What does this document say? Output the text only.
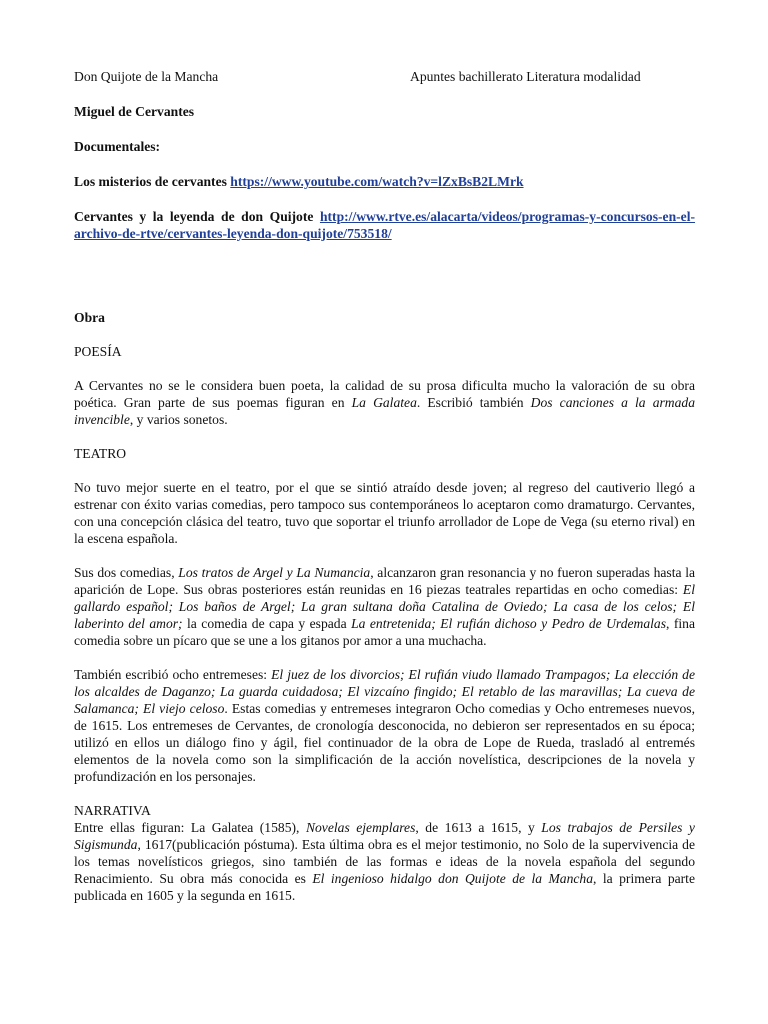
Don Quijote de la Mancha	Apuntes bachillerato Literatura modalidad

Miguel de Cervantes

Documentales:

Los misterios de cervantes https://www.youtube.com/watch?v=lZxBsB2LMrk

Cervantes y la leyenda de don Quijote http://www.rtve.es/alacarta/videos/programas-y-concursos-en-el-archivo-de-rtve/cervantes-leyenda-don-quijote/753518/

Obra

POESÍA

A Cervantes no se le considera buen poeta, la calidad de su prosa dificulta mucho la valoración de su obra poética. Gran parte de sus poemas figuran en La Galatea. Escribió también Dos canciones a la armada invencible, y varios sonetos.

TEATRO

No tuvo mejor suerte en el teatro, por el que se sintió atraído desde joven; al regreso del cautiverio llegó a estrenar con éxito varias comedias, pero tampoco sus contemporáneos lo aceptaron como dramaturgo. Cervantes, con una concepción clásica del teatro, tuvo que soportar el triunfo arrollador de Lope de Vega (su eterno rival) en la escena española.

Sus dos comedias, Los tratos de Argel y La Numancia, alcanzaron gran resonancia y no fueron superadas hasta la aparición de Lope. Sus obras posteriores están reunidas en 16 piezas teatrales repartidas en ocho comedias: El gallardo español; Los baños de Argel; La gran sultana doña Catalina de Oviedo; La casa de los celos; El laberinto del amor; la comedia de capa y espada La entretenida; El rufián dichoso y Pedro de Urdemalas, fina comedia sobre un pícaro que se une a los gitanos por amor a una muchacha.

También escribió ocho entremeses: El juez de los divorcios; El rufián viudo llamado Trampagos; La elección de los alcaldes de Daganzo; La guarda cuidadosa; El vizcaíno fingido; El retablo de las maravillas; La cueva de Salamanca; El viejo celoso. Estas comedias y entremeses integraron Ocho comedias y Ocho entremeses nuevos, de 1615. Los entremeses de Cervantes, de cronología desconocida, no debieron ser representados en su época; utilizó en ellos un diálogo fino y ágil, fiel continuador de la obra de Lope de Rueda, trasladó al entremés elementos de la novela como son la simplificación de la acción novelística, descripciones de la novela y profundización en los personajes.

NARRATIVA

Entre ellas figuran: La Galatea (1585), Novelas ejemplares, de 1613 a 1615, y Los trabajos de Persiles y Sigismunda, 1617(publicación póstuma). Esta última obra es el mejor testimonio, no Solo de la supervivencia de los temas novelísticos griegos, sino también de las formas e ideas de la novela española del segundo Renacimiento. Su obra más conocida es El ingenioso hidalgo don Quijote de la Mancha, la primera parte publicada en 1605 y la segunda en 1615.
